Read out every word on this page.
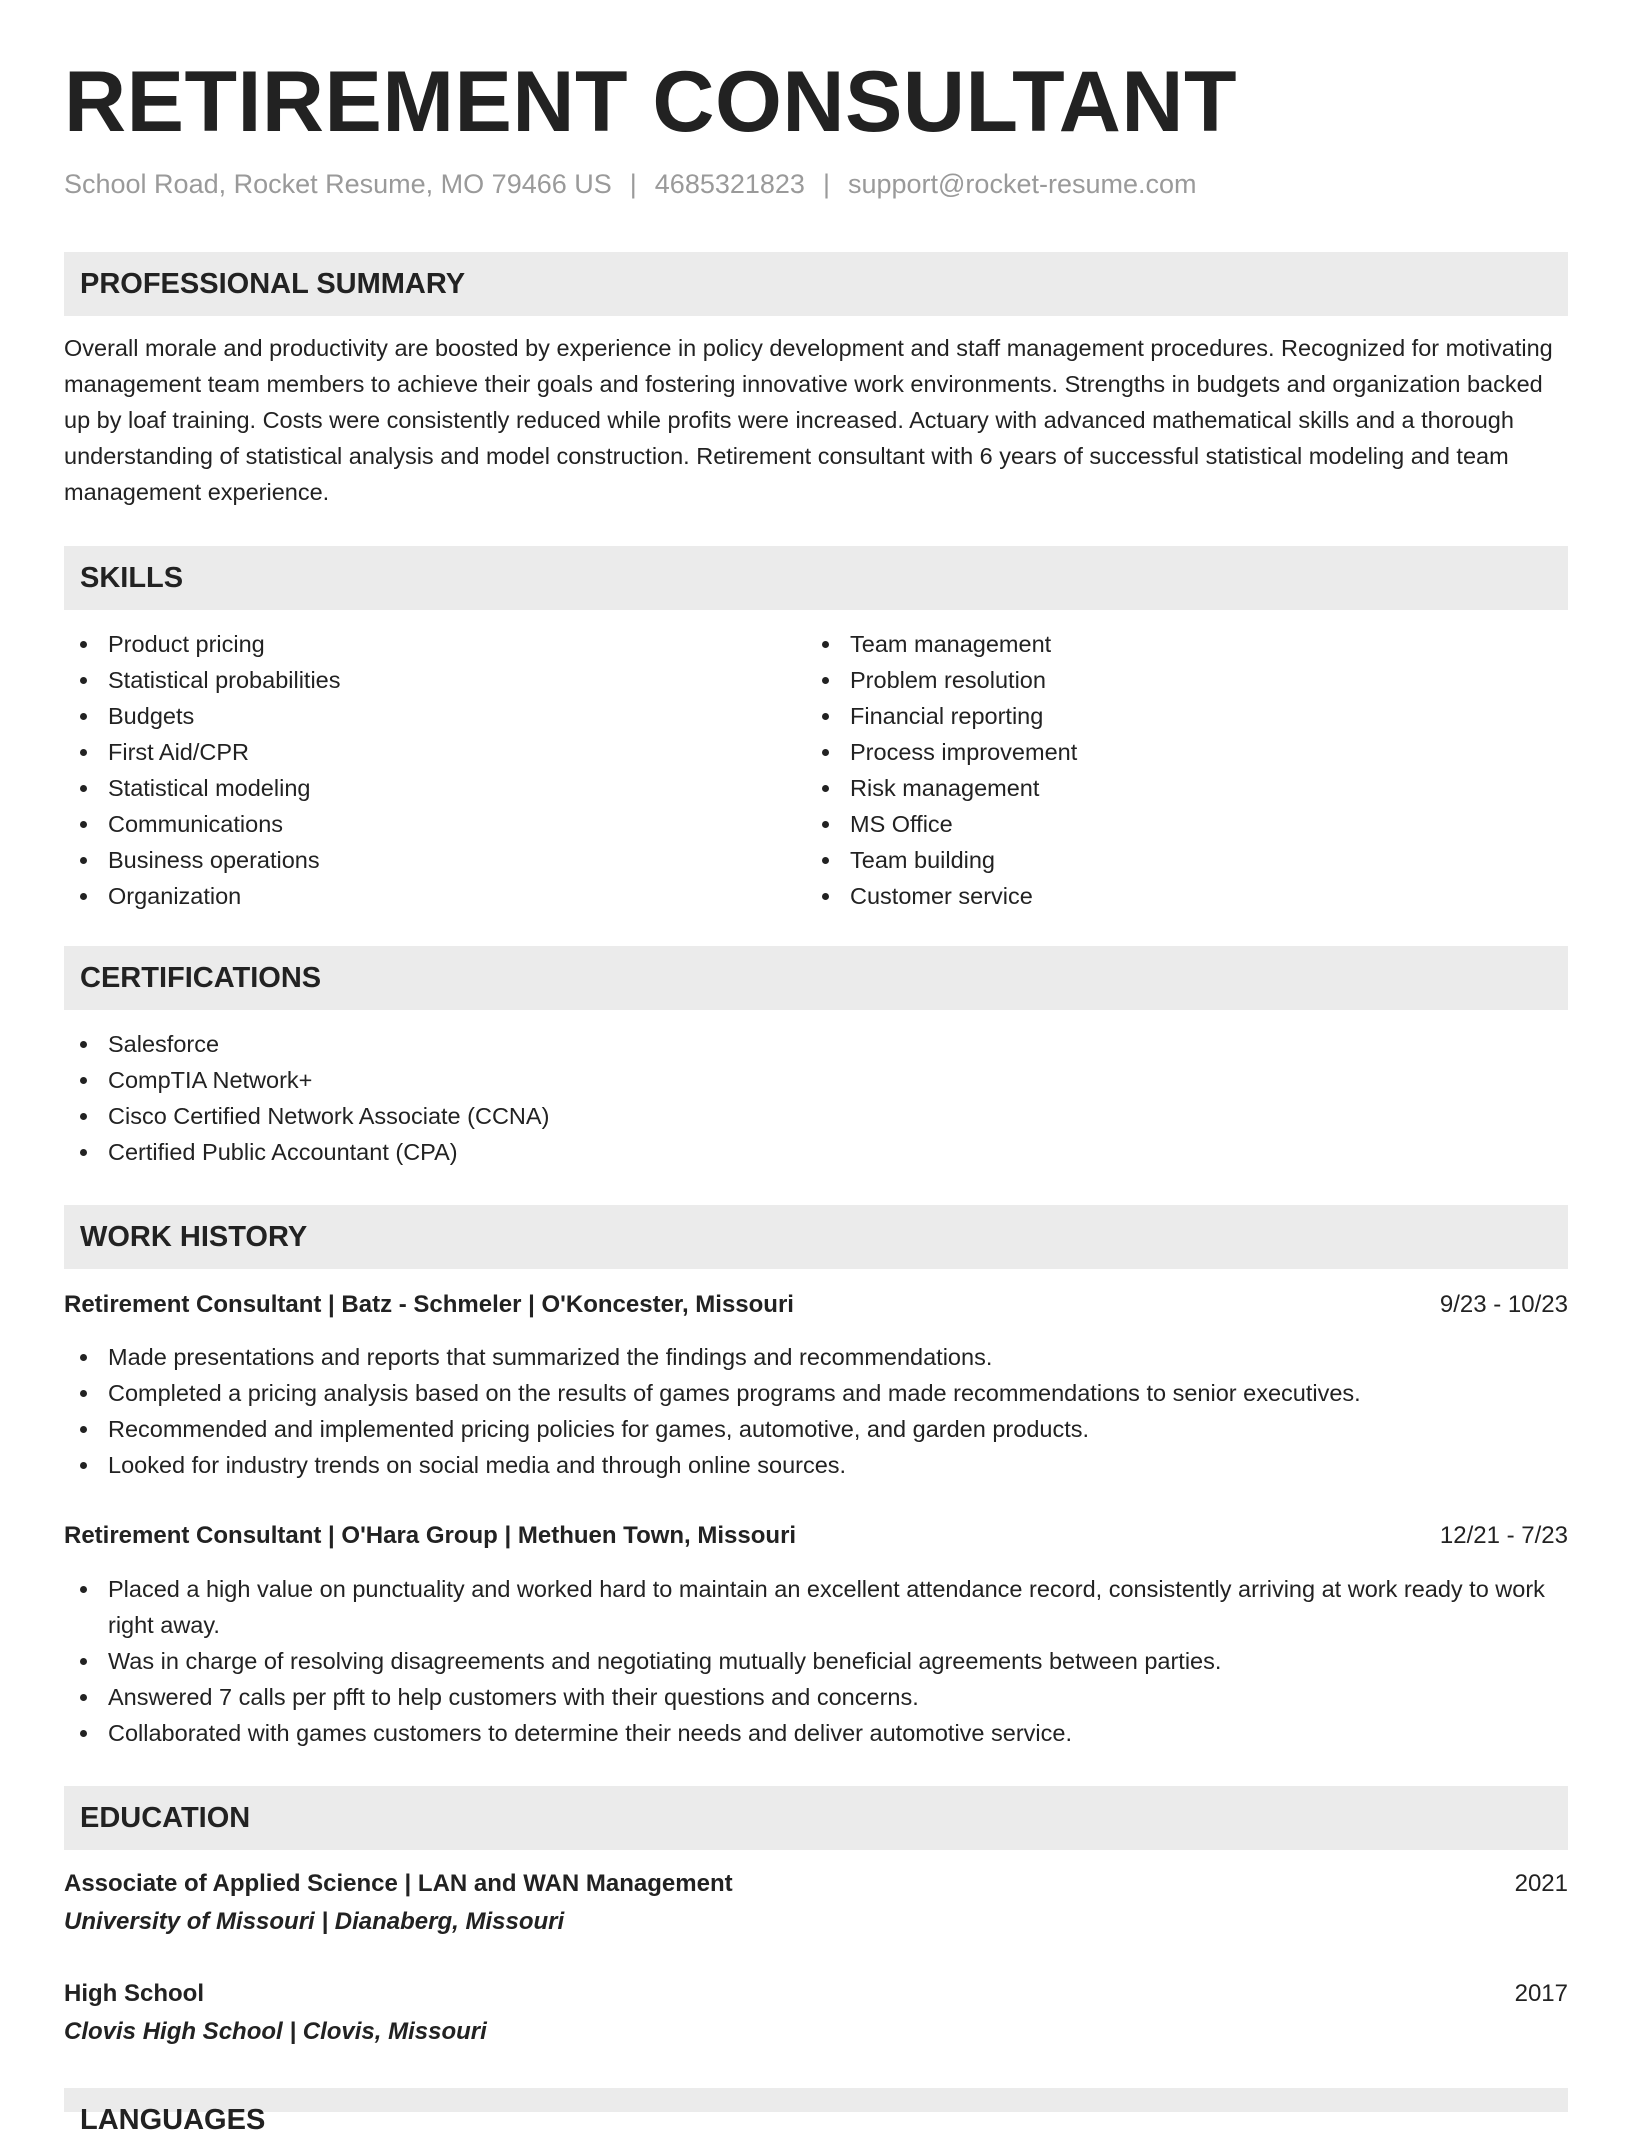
RETIREMENT CONSULTANT
School Road, Rocket Resume, MO 79466 US | 4685321823 | support@rocket-resume.com
PROFESSIONAL SUMMARY

Overall morale and productivity are boosted by experience in policy development and staff management procedures. Recognized for motivating management team members to achieve their goals and fostering innovative work environments. Strengths in budgets and organization backed up by loaf training. Costs were consistently reduced while profits were increased. Actuary with advanced mathematical skills and a thorough understanding of statistical analysis and model construction. Retirement consultant with 6 years of successful statistical modeling and team management experience.

SKILLS
Product pricing
Statistical probabilities
Budgets
First Aid/CPR
Statistical modeling
Communications
Business operations
Organization
Team management
Problem resolution
Financial reporting
Process improvement
Risk management
MS Office
Team building
Customer service
CERTIFICATIONS
Salesforce
CompTIA Network+
Cisco Certified Network Associate (CCNA)
Certified Public Accountant (CPA)
WORK HISTORY
Retirement Consultant | Batz - Schmeler | O'Koncester, Missouri	9/23 - 10/23
Made presentations and reports that summarized the findings and recommendations.
Completed a pricing analysis based on the results of games programs and made recommendations to senior executives.
Recommended and implemented pricing policies for games, automotive, and garden products.
Looked for industry trends on social media and through online sources.
Retirement Consultant | O'Hara Group | Methuen Town, Missouri	12/21 - 7/23
Placed a high value on punctuality and worked hard to maintain an excellent attendance record, consistently arriving at work ready to work right away.
Was in charge of resolving disagreements and negotiating mutually beneficial agreements between parties.
Answered 7 calls per pfft to help customers with their questions and concerns.
Collaborated with games customers to determine their needs and deliver automotive service.
EDUCATION
Associate of Applied Science | LAN and WAN Management	2021
University of Missouri | Dianaberg, Missouri
High School	2017
Clovis High School | Clovis, Missouri
LANGUAGES
